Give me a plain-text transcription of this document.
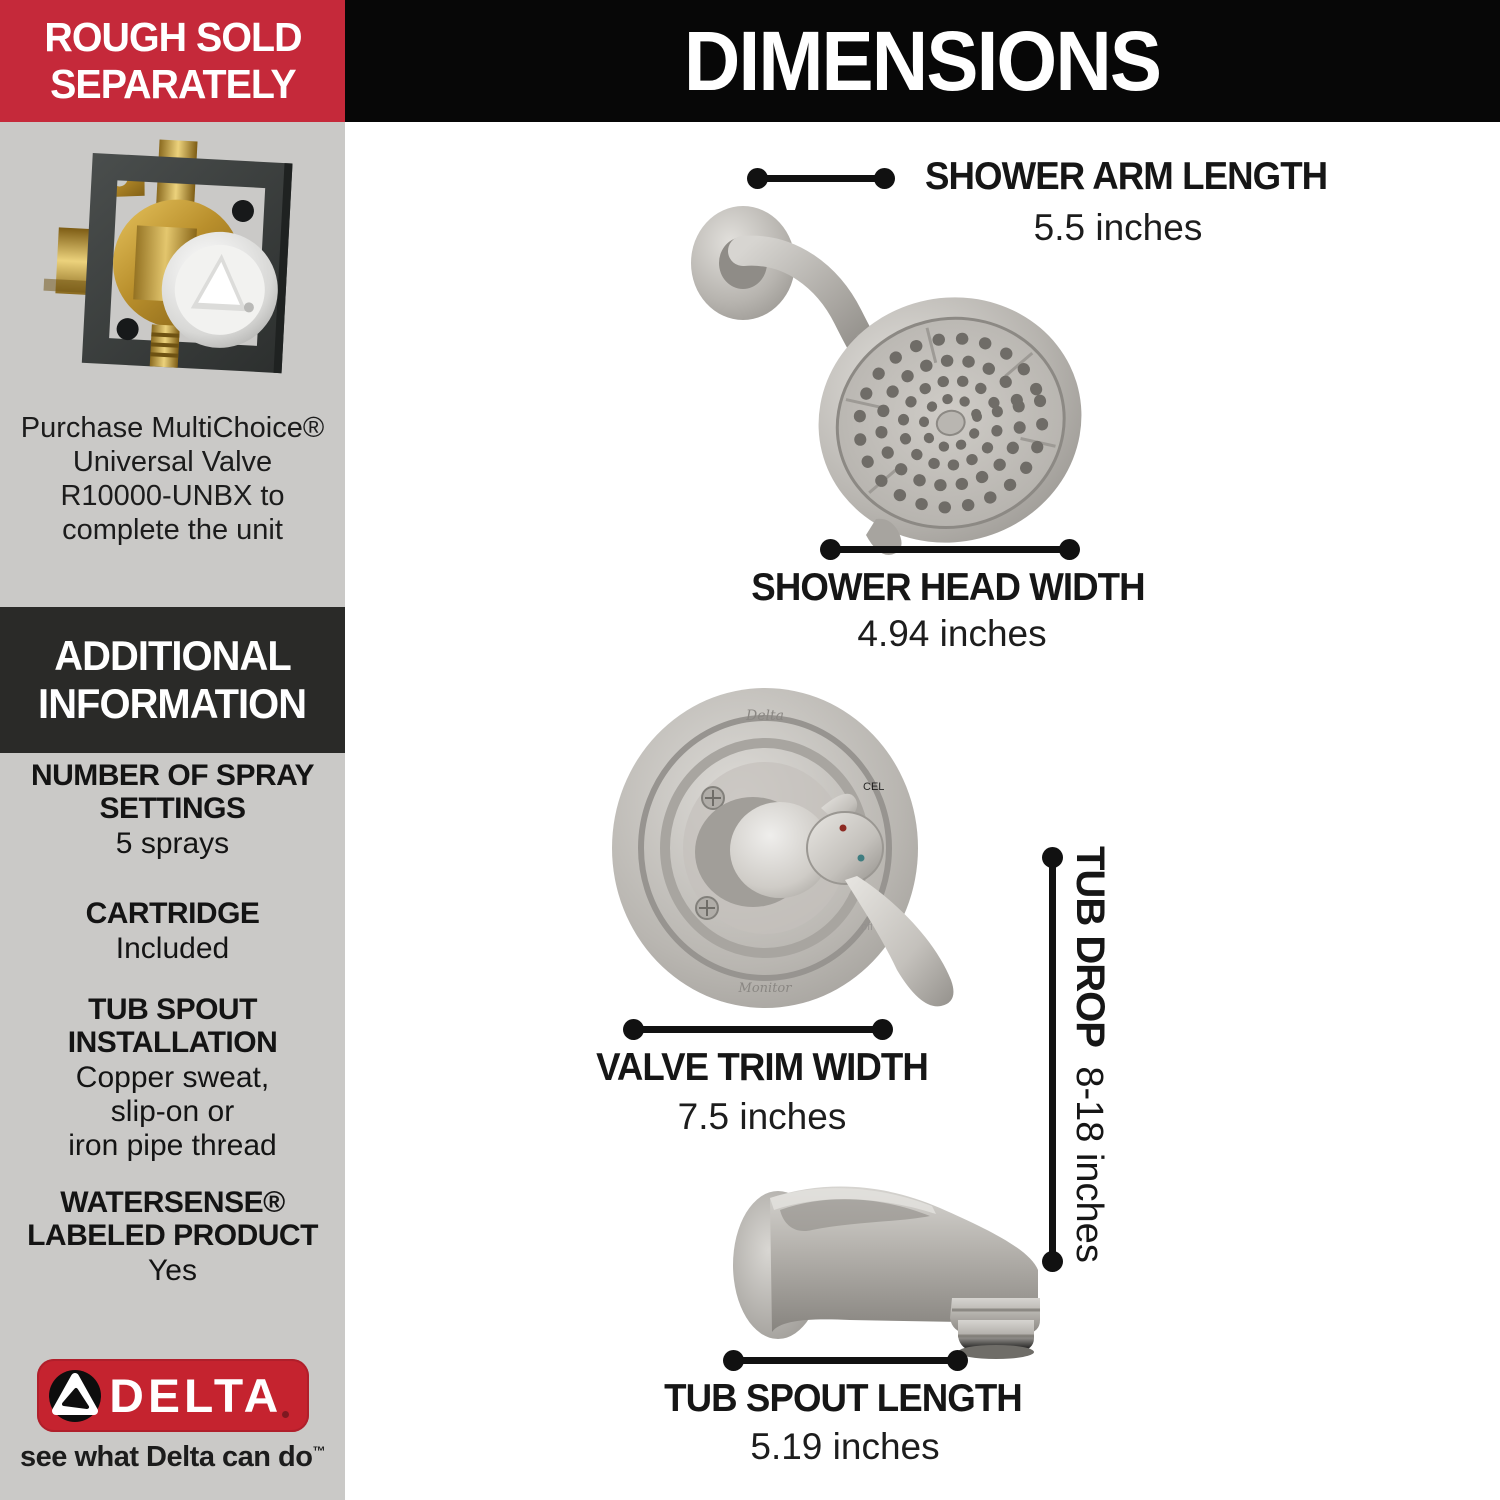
ROUGH SOLD
SEPARATELY
Purchase MultiChoice®
Universal Valve
R10000-UNBX to
complete the unit
ADDITIONAL
INFORMATION
NUMBER OF SPRAY
SETTINGS
5 sprays
CARTRIDGE
Included
TUB SPOUT
INSTALLATION
Copper sweat,
slip-on or
iron pipe thread
WATERSENSE®
LABELED PRODUCT
Yes
DELTA
see what Delta can do™
DIMENSIONS
SHOWER ARM LENGTH
5.5 inches
SHOWER HEAD WIDTH
4.94 inches
Delta
Monitor
CEL
off
VALVE TRIM WIDTH
7.5 inches
TUB DROP   8-18 inches
TUB SPOUT LENGTH
5.19 inches
